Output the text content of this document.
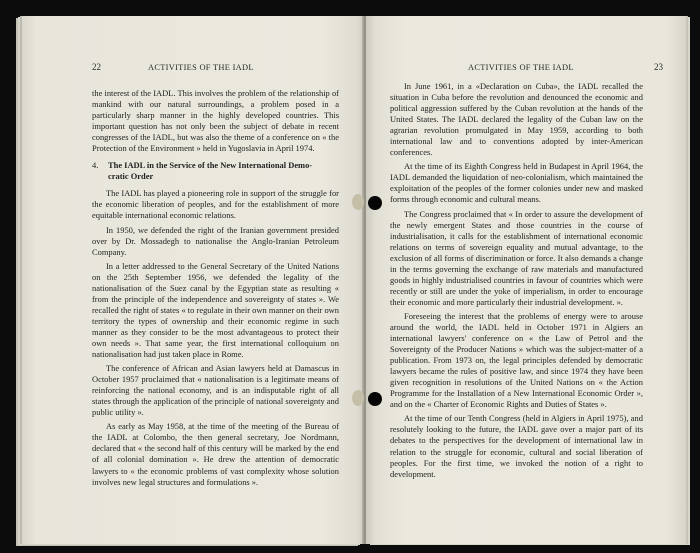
22	ACTIVITIES OF THE IADL

the interest of the IADL. This involves the problem of the relationship of mankind with our natural surroundings, a problem posed in a particularly sharp manner in the highly developed countries. This important question has not only been the subject of debate in recent congresses of the IADL, but was also the theme of a conference on « the Protection of the Environment » held in Yugoslavia in April 1974.

4. The IADL in the Service of the New International Demo-
cratic Order

The IADL has played a pioneering role in support of the struggle for the economic liberation of peoples, and for the establishment of more equitable international economic relations.

In 1950, we defended the right of the Iranian government presided over by Dr. Mossadegh to nationalise the Anglo-Iranian Petroleum Company.

In a letter addressed to the General Secretary of the United Nations on the 25th September 1956, we defended the legality of the nationalisation of the Suez canal by the Egyptian state as resulting « from the principle of the independence and sovereignty of states ». We recalled the right of states « to regulate in their own manner on their own territory the types of ownership and their economic regime in such manner as they consider to be the most advantageous to protect their own needs ». That same year, the first international colloquium on nationalisation had just taken place in Rome.

The conference of African and Asian lawyers held at Damascus in October 1957 proclaimed that « nationalisation is a legitimate means of reinforcing the national economy, and is an indisputable right of all states through the application of the principle of national sovereignty and public utility ».

As early as May 1958, at the time of the meeting of the Bureau of the IADL at Colombo, the then general secretary, Joe Nordmann, declared that « the second half of this century will be marked by the end of all colonial domination ». He drew the attention of democratic lawyers to « the economic problems of vast complexity whose solution involves new legal structures and formulations ».

ACTIVITIES OF THE IADL	23

In June 1961, in a «Declaration on Cuba», the IADL recalled the situation in Cuba before the revolution and denounced the economic and political aggression suffered by the Cuban revolution at the hands of the United States. The IADL declared the legality of the Cuban law on the agrarian revolution promulgated in May 1959, according to both international law and to conventions adopted by inter-American conferences.

At the time of its Eighth Congress held in Budapest in April 1964, the IADL demanded the liquidation of neo-colonialism, which maintained the exploitation of the peoples of the former colonies under new and masked forms through economic and cultural means.

The Congress proclaimed that « In order to assure the development of the newly emergent States and those countries in the course of industrialisation, it calls for the establishment of international economic relations on terms of sovereign equality and mutual advantage, to the exclusion of all forms of discrimination or force. It also demands a change in the terms governing the exchange of raw materials and manufactured goods in highly industrialised countries in favour of countries which were recently or still are under the yoke of imperialism, in order to encourage their economic and more particularly their industrial development. ».

Foreseeing the interest that the problems of energy were to arouse around the world, the IADL held in October 1971 in Algiers an international lawyers' conference on « the Law of Petrol and the Sovereignty of the Producer Nations » which was the subject-matter of a publication. From 1973 on, the legal principles defended by democratic lawyers became the rules of positive law, and since 1974 they have been given recognition in resolutions of the United Nations on « the Action Programme for the Installation of a New International Economic Order », and on the « Charter of Economic Rights and Duties of States ».

At the time of our Tenth Congress (held in Algiers in April 1975), and resolutely looking to the future, the IADL gave over a major part of its debates to the perspectives for the development of international law in relation to the struggle for economic, cultural and social liberation of peoples. For the first time, we invoked the notion of a right to development.
